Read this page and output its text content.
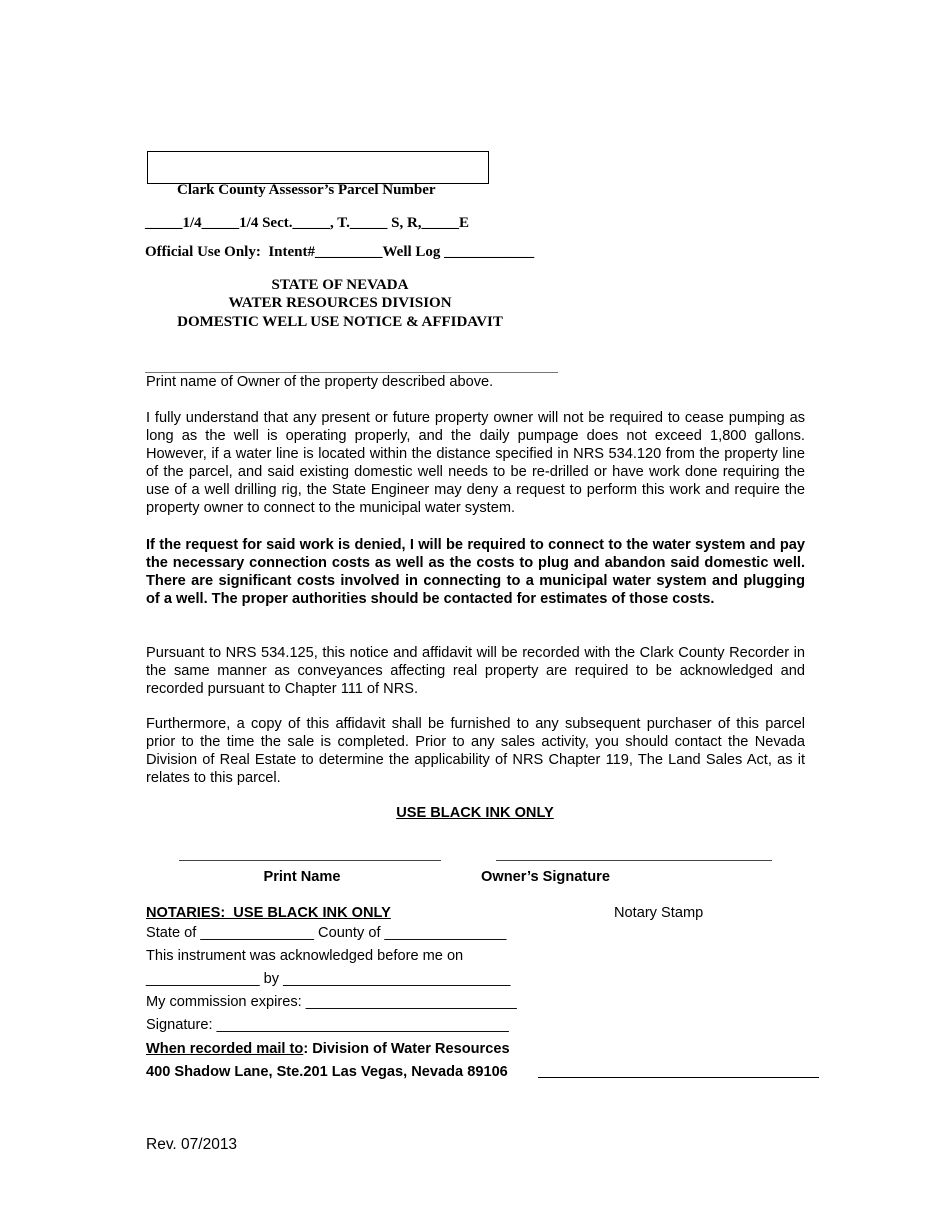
Clark County Assessor’s Parcel Number
_____1/4_____1/4 Sect._____, T._____ S, R,_____E
Official Use Only:  Intent#_________Well Log ____________
STATE OF NEVADA
WATER RESOURCES DIVISION
DOMESTIC WELL USE NOTICE & AFFIDAVIT
Print name of Owner of the property described above.

I fully understand that any present or future property owner will not be required to cease pumping as long as the well is operating properly, and the daily pumpage does not exceed 1,800 gallons. However, if a water line is located within the distance specified in NRS 534.120 from the property line of the parcel, and said existing domestic well needs to be re-drilled or have work done requiring the use of a well drilling rig, the State Engineer may deny a request to perform this work and require the property owner to connect to the municipal water system.

If the request for said work is denied, I will be required to connect to the water system and pay the necessary connection costs as well as the costs to plug and abandon said domestic well. There are significant costs involved in connecting to a municipal water system and plugging of a well. The proper authorities should be contacted for estimates of those costs.

Pursuant to NRS 534.125, this notice and affidavit will be recorded with the Clark County Recorder in the same manner as conveyances affecting real property are required to be acknowledged and recorded pursuant to Chapter 111 of NRS.

Furthermore, a copy of this affidavit shall be furnished to any subsequent purchaser of this parcel prior to the time the sale is completed. Prior to any sales activity, you should contact the Nevada Division of Real Estate to determine the applicability of NRS Chapter 119, The Land Sales Act, as it relates to this parcel.

USE BLACK INK ONLY
Print Name	Owner’s Signature
NOTARIES:  USE BLACK INK ONLY	Notary Stamp
State of ______________ County of _______________
This instrument was acknowledged before me on
______________ by ____________________________
My commission expires: __________________________
Signature: ____________________________________
When recorded mail to: Division of Water Resources
400 Shadow Lane, Ste.201 Las Vegas, Nevada 89106
Rev. 07/2013
